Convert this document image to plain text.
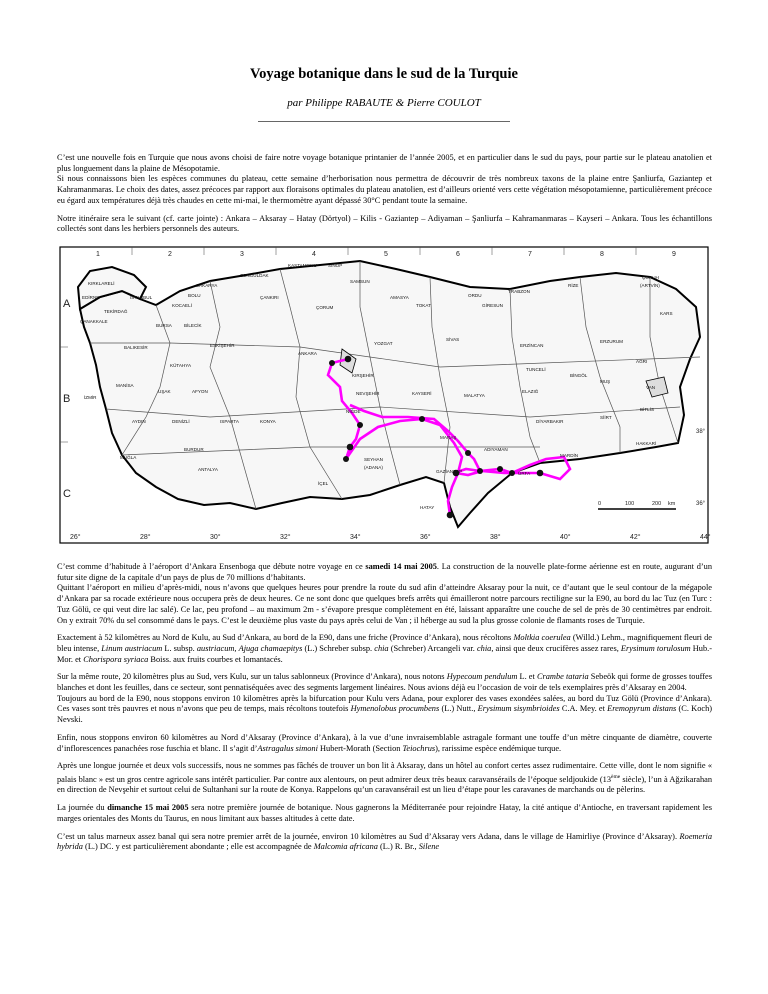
Voyage botanique dans le sud de la Turquie
par Philippe RABAUTE & Pierre COULOT

C’est une nouvelle fois en Turquie que nous avons choisi de faire notre voyage botanique printanier de l’année 2005, et en particulier dans le sud du pays, pour partie sur le plateau anatolien et plus longuement dans la plaine de Mésopotamie.

Si nous connaissons bien les espèces communes du plateau, cette semaine d’herborisation nous permettra de découvrir de très nombreux taxons de la plaine entre Şanliurfa, Gaziantep et Kahramanmaras. Le choix des dates, assez précoces par rapport aux floraisons optimales du plateau anatolien, est d’ailleurs orienté vers cette végétation mésopotamienne, particulièrement précoce eu égard aux températures déjà très chaudes en cette mi-mai, le thermomètre ayant dépassé 30°C pendant toute la semaine.

Notre itinéraire sera le suivant (cf. carte jointe) : Ankara – Aksaray – Hatay (Dörtyol) – Kilis - Gaziantep – Adiyaman – Şanliurfa – Kahramanmaras – Kayseri – Ankara. Tous les échantillons collectés sont dans les herbiers personnels des auteurs.

1	2	3	4	5	6	7	8	9
A
B
C
26°	28°	30°	32°	34°	36°	38°	40°	42°	44°
38°
36°
KIRKLARELİ
EDİRNE
TEKİRDAĞ
İSTANBUL
KOCAELİ
ZONGULDAK
KASTAMONU SİNOP
SAMSUN
ÇORUH
RİZE	(ARTVİN)
KARS
TRABZON
ORDU
GİRESUN
AMASYA
TOKAT
ÇORUM
ÇANKIRI
BOLU
SAKARYA
BURSA	BİLECİK
ÇANAKKALE
BALIKESİR	ESKİŞEHİR
ANKARA
YOZGAT
SİVAS
ERZİNCAN
ERZURUM
AĞRI
KIRŞEHİR
NEVŞEHİR	KAYSERİ
TUNCELİ
BİNGÖL
MUŞ
VAN
İZMİR
MANİSA
UŞAK	AFYON
KÜTAHYA
MALATYA
ELAZIĞ
BİTLİS
AYDIN	DENİZLİ	ISPARTA	KONYA
NİĞDE
MARAŞ
ADIYAMAN
DİYARBAKIR
SİİRT
HAKKARİ
MUĞLA
BURDUR
ANTALYA
SEYHAN
(ADANA)
İÇEL
GAZİANTEP	URFA
MARDİN
HATAY
0	100	200 km

C’est comme d’habitude à l’aéroport d’Ankara Ensenboga que débute notre voyage en ce samedi 14 mai 2005. La construction de la nouvelle plate-forme aérienne est en route, augurant d’un futur site digne de la capitale d’un pays de plus de 70 millions d’habitants.

Quittant l’aéroport en milieu d’après-midi, nous n’avons que quelques heures pour prendre la route du sud afin d’atteindre Aksaray pour la nuit, ce d’autant que le seul contour de la mégapole d’Ankara par sa rocade extérieure nous occupera près de deux heures. Ce ne sont donc que quelques brefs arrêts qui émailleront notre parcours rectiligne sur la E90, au bord du lac Tuz (en Turc : Tuz Gölü, ce qui veut dire lac salé). Ce lac, peu profond – au maximum 2m - s’évapore presque complètement en été, laissant apparaître une couche de sel de près de 30 centimètres par endroit. On y extrait 70% du sel consommé dans le pays. C’est le deuxième plus vaste du pays après celui de Van ; il héberge au sud la plus grosse colonie de flamants roses de Turquie.

Exactement à 52 kilomètres au Nord de Kulu, au Sud d’Ankara, au bord de la E90, dans une friche (Province d’Ankara), nous récoltons Moltkia coerulea (Willd.) Lehm., magnifiquement fleuri de bleu intense, Linum austriacum L. subsp. austriacum, Ajuga chamaepitys (L.) Schreber subsp. chia (Schreber) Arcangeli var. chia, ainsi que deux crucifères assez rares, Erysimum torulosum Hub.-Mor. et Chorispora syriaca Boiss. aux fruits courbes et lomantacés.

Sur la même route, 20 kilomètres plus au Sud, vers Kulu, sur un talus sablonneux (Province d’Ankara), nous notons Hypecoum pendulum L. et Crambe tataria Sebeök qui forme de grosses touffes blanches et dont les feuilles, dans ce secteur, sont pennatiséquées avec des segments largement linéaires. Nous avions déjà eu l’occasion de voir de tels exemplaires près d’Aksaray en 2004.

Toujours au bord de la E90, nous stoppons environ 10 kilomètres après la bifurcation pour Kulu vers Adana, pour explorer des vases exondées salées, au bord du Tuz Gölü (Province d’Ankara). Ces vases sont très pauvres et nous n’avons que peu de temps, mais récoltons toutefois Hymenolobus procumbens (L.) Nutt., Erysimum sisymbrioides C.A. Mey. et Eremopyrum distans (C. Koch) Nevski.

Enfin, nous stoppons environ 60 kilomètres au Nord d’Aksaray (Province d’Ankara), à la vue d’une invraisemblable astragale formant une touffe d’un mètre cinquante de diamètre, couverte d’inflorescences panachées rose fuschia et blanc. Il s’agit d’Astragalus simoni Hubert-Morath (Section Teiochrus), rarissime espèce endémique turque.

Après une longue journée et deux vols successifs, nous ne sommes pas fâchés de trouver un bon lit à Aksaray, dans un hôtel au confort certes assez rudimentaire. Cette ville, dont le nom signifie « palais blanc » est un gros centre agricole sans intérêt particulier. Par contre aux alentours, on peut admirer deux très beaux caravansérails de l’époque seldjoukide (13ème siècle), l’un à Ağzikarahan en direction de Nevşehir et surtout celui de Sultanhani sur la route de Konya. Rappelons qu’un caravansérail est un lieu d’étape pour les caravanes de marchands ou de pèlerins.

La journée du dimanche 15 mai 2005 sera notre première journée de botanique. Nous gagnerons la Méditerranée pour rejoindre Hatay, la cité antique d’Antioche, en traversant rapidement les marges orientales des Monts du Taurus, en nous limitant aux basses altitudes à cette date.

C’est un talus marneux assez banal qui sera notre premier arrêt de la journée, environ 10 kilomètres au Sud d’Aksaray vers Adana, dans le village de Hamirliye (Province d’Aksaray). Roemeria hybrida (L.) DC. y est particulièrement abondante ; elle est accompagnée de Malcomia africana (L.) R. Br., Silene
